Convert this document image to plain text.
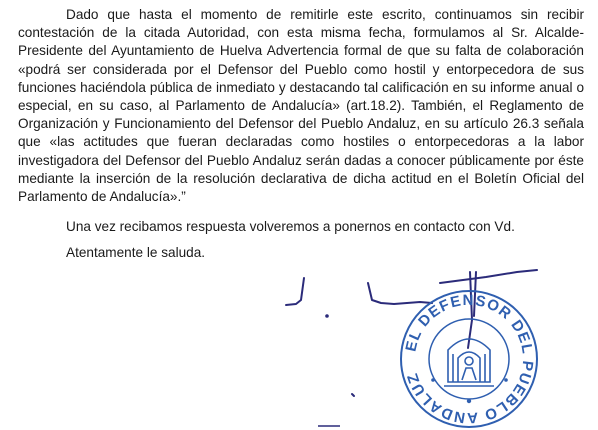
Dado que hasta el momento de remitirle este escrito, continuamos sin recibir contestación de la citada Autoridad, con esta misma fecha, formulamos al Sr. Alcalde-Presidente del Ayuntamiento de Huelva Advertencia formal de que su falta de colaboración «podrá ser considerada por el Defensor del Pueblo como hostil y entorpecedora de sus funciones haciéndola pública de inmediato y destacando tal calificación en su informe anual o especial, en su caso, al Parlamento de Andalucía» (art.18.2). También, el Reglamento de Organización y Funcionamiento del Defensor del Pueblo Andaluz, en su artículo 26.3 señala que «las actitudes que fueran declaradas como hostiles o entorpecedoras a la labor investigadora del Defensor del Pueblo Andaluz serán dadas a conocer públicamente por éste mediante la inserción de la resolución declarativa de dicha actitud en el Boletín Oficial del Parlamento de Andalucía».”

Una vez recibamos respuesta volveremos a ponernos en contacto con Vd.

Atentamente le saluda.

EL DEFENSOR DEL PUEBLO ANDALUZ
